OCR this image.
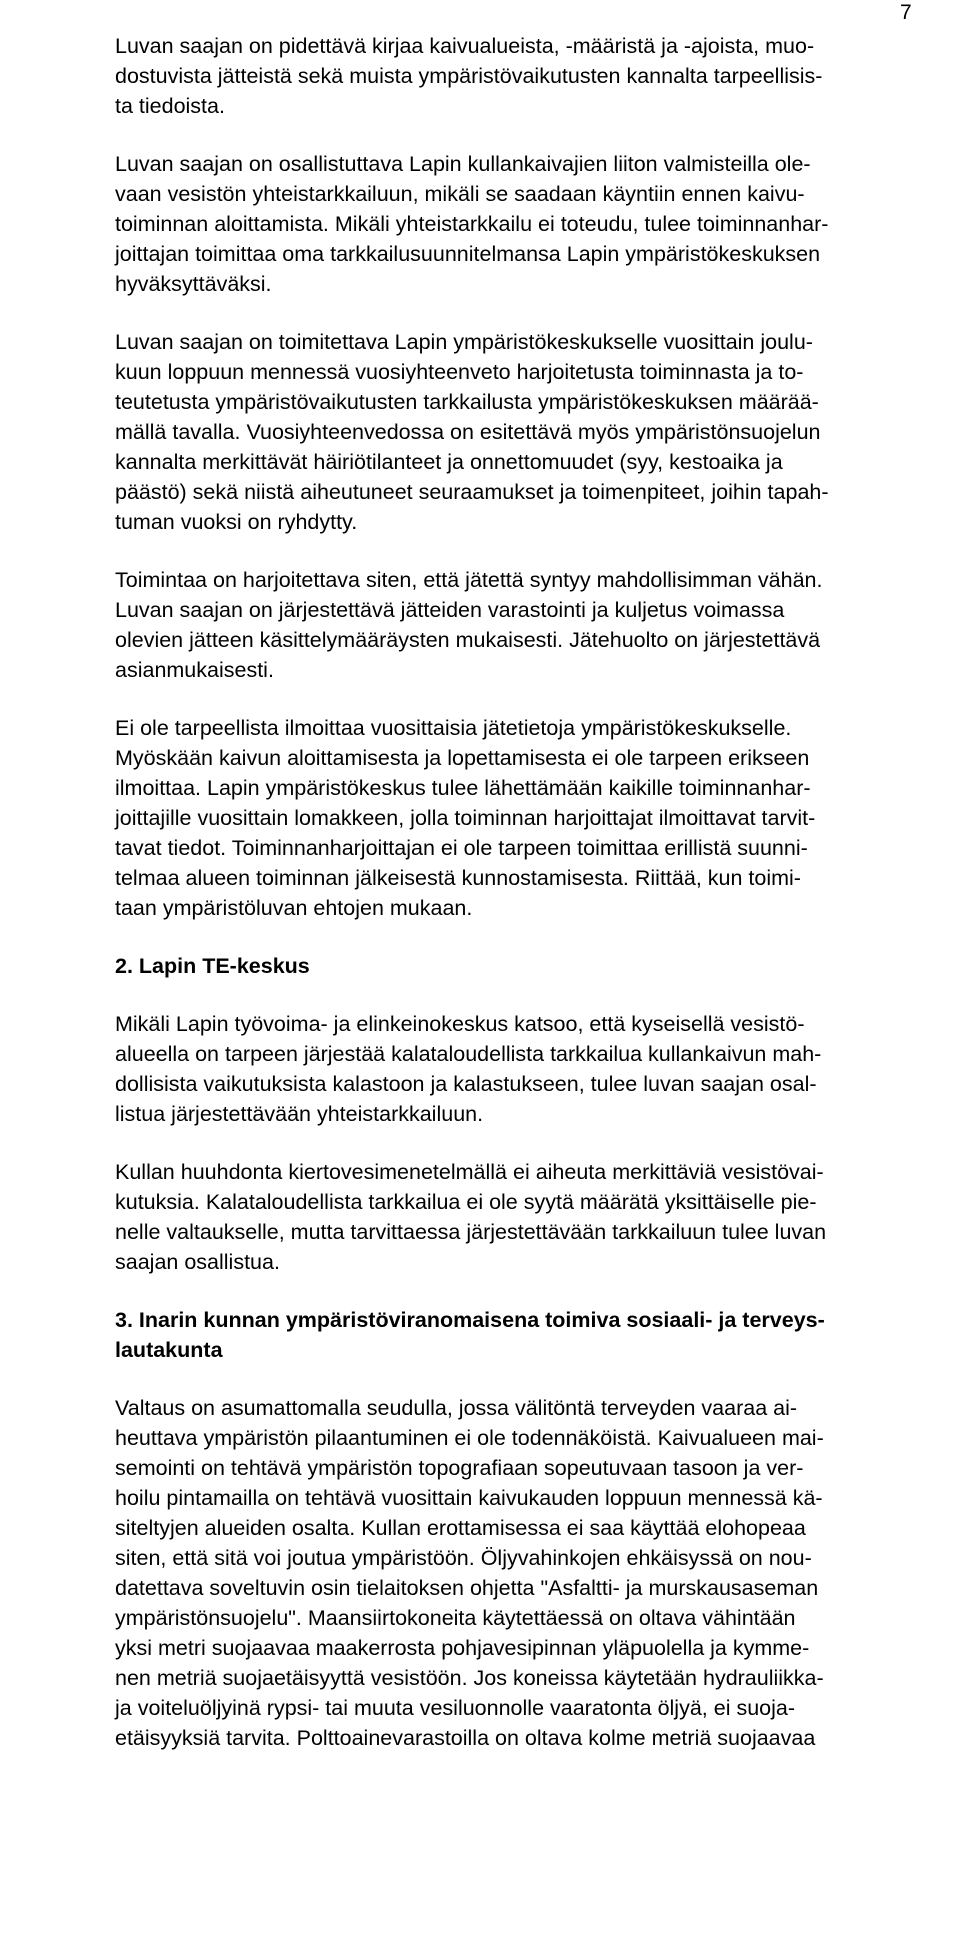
7

Luvan saajan on pidettävä kirjaa kaivualueista, -määristä ja -ajoista, muo-
dostuvista jätteistä sekä muista ympäristövaikutusten kannalta tarpeellisis-
ta tiedoista.

Luvan saajan on osallistuttava Lapin kullankaivajien liiton valmisteilla ole-
vaan vesistön yhteistarkkailuun, mikäli se saadaan käyntiin ennen kaivu-
toiminnan aloittamista. Mikäli yhteistarkkailu ei toteudu, tulee toiminnanhar-
joittajan toimittaa oma tarkkailusuunnitelmansa Lapin ympäristökeskuksen
hyväksyttäväksi.

Luvan saajan on toimitettava Lapin ympäristökeskukselle vuosittain joulu-
kuun loppuun mennessä vuosiyhteenveto harjoitetusta toiminnasta ja to-
teutetusta ympäristövaikutusten tarkkailusta ympäristökeskuksen määrää-
mällä tavalla. Vuosiyhteenvedossa on esitettävä myös ympäristönsuojelun
kannalta merkittävät häiriötilanteet ja onnettomuudet (syy, kestoaika ja
päästö) sekä niistä aiheutuneet seuraamukset ja toimenpiteet, joihin tapah-
tuman vuoksi on ryhdytty.

Toimintaa on harjoitettava siten, että jätettä syntyy mahdollisimman vähän.
Luvan saajan on järjestettävä jätteiden varastointi ja kuljetus voimassa
olevien jätteen käsittelymääräysten mukaisesti. Jätehuolto on järjestettävä
asianmukaisesti.

Ei ole tarpeellista ilmoittaa vuosittaisia jätetietoja ympäristökeskukselle.
Myöskään kaivun aloittamisesta ja lopettamisesta ei ole tarpeen erikseen
ilmoittaa. Lapin ympäristökeskus tulee lähettämään kaikille toiminnanhar-
joittajille vuosittain lomakkeen, jolla toiminnan harjoittajat ilmoittavat tarvit-
tavat tiedot. Toiminnanharjoittajan ei ole tarpeen toimittaa erillistä suunni-
telmaa alueen toiminnan jälkeisestä kunnostamisesta. Riittää, kun toimi-
taan ympäristöluvan ehtojen mukaan.

2. Lapin TE-keskus

Mikäli Lapin työvoima- ja elinkeinokeskus katsoo, että kyseisellä vesistö-
alueella on tarpeen järjestää kalataloudellista tarkkailua kullankaivun mah-
dollisista vaikutuksista kalastoon ja kalastukseen, tulee luvan saajan osal-
listua järjestettävään yhteistarkkailuun.

Kullan huuhdonta kiertovesimenetelmällä ei aiheuta merkittäviä vesistövai-
kutuksia. Kalataloudellista tarkkailua ei ole syytä määrätä yksittäiselle pie-
nelle valtaukselle, mutta tarvittaessa järjestettävään tarkkailuun tulee luvan
saajan osallistua.

3. Inarin kunnan ympäristöviranomaisena toimiva sosiaali- ja terveys-
lautakunta

Valtaus on asumattomalla seudulla, jossa välitöntä terveyden vaaraa ai-
heuttava ympäristön pilaantuminen ei ole todennäköistä. Kaivualueen mai-
semointi on tehtävä ympäristön topografiaan sopeutuvaan tasoon ja ver-
hoilu pintamailla on tehtävä vuosittain kaivukauden loppuun mennessä kä-
siteltyjen alueiden osalta. Kullan erottamisessa ei saa käyttää elohopeaa
siten, että sitä voi joutua ympäristöön. Öljyvahinkojen ehkäisyssä on nou-
datettava soveltuvin osin tielaitoksen ohjetta "Asfaltti- ja murskausaseman
ympäristönsuojelu". Maansiirtokoneita käytettäessä on oltava vähintään
yksi metri suojaavaa maakerrosta pohjavesipinnan yläpuolella ja kymme-
nen metriä suojaetäisyyttä vesistöön. Jos koneissa käytetään hydrauliikka-
ja voiteluöljyinä rypsi- tai muuta vesiluonnolle vaaratonta öljyä, ei suoja-
etäisyyksiä tarvita. Polttoainevarastoilla on oltava kolme metriä suojaavaa
